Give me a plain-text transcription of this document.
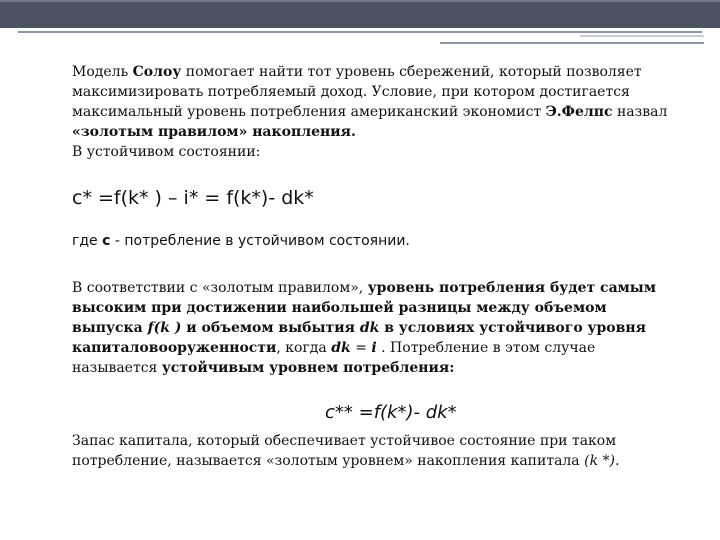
Модель Солоу помогает найти тот уровень сбережений, который позволяет максимизировать потребляемый доход. Условие, при котором достигается максимальный уровень потребления американский экономист Э.Фелпс назвал «золотым правилом» накопления.

В устойчивом состоянии:

c* =f(k* ) – i* = f(k*)- dk*
где с - потребление в устойчивом состоянии.

В соответствии с «золотым правилом», уровень потребления будет самым высоким при достижении наибольшей разницы между объемом выпуска f(k ) и объемом выбытия dk в условиях устойчивого уровня капиталовооруженности, когда dk = i . Потребление в этом случае называется устойчивым уровнем потребления:

c** =f(k*)- dk*

Запас капитала, который обеспечивает устойчивое состояние при таком потребление, называется «золотым уровнем» накопления капитала (k *).
